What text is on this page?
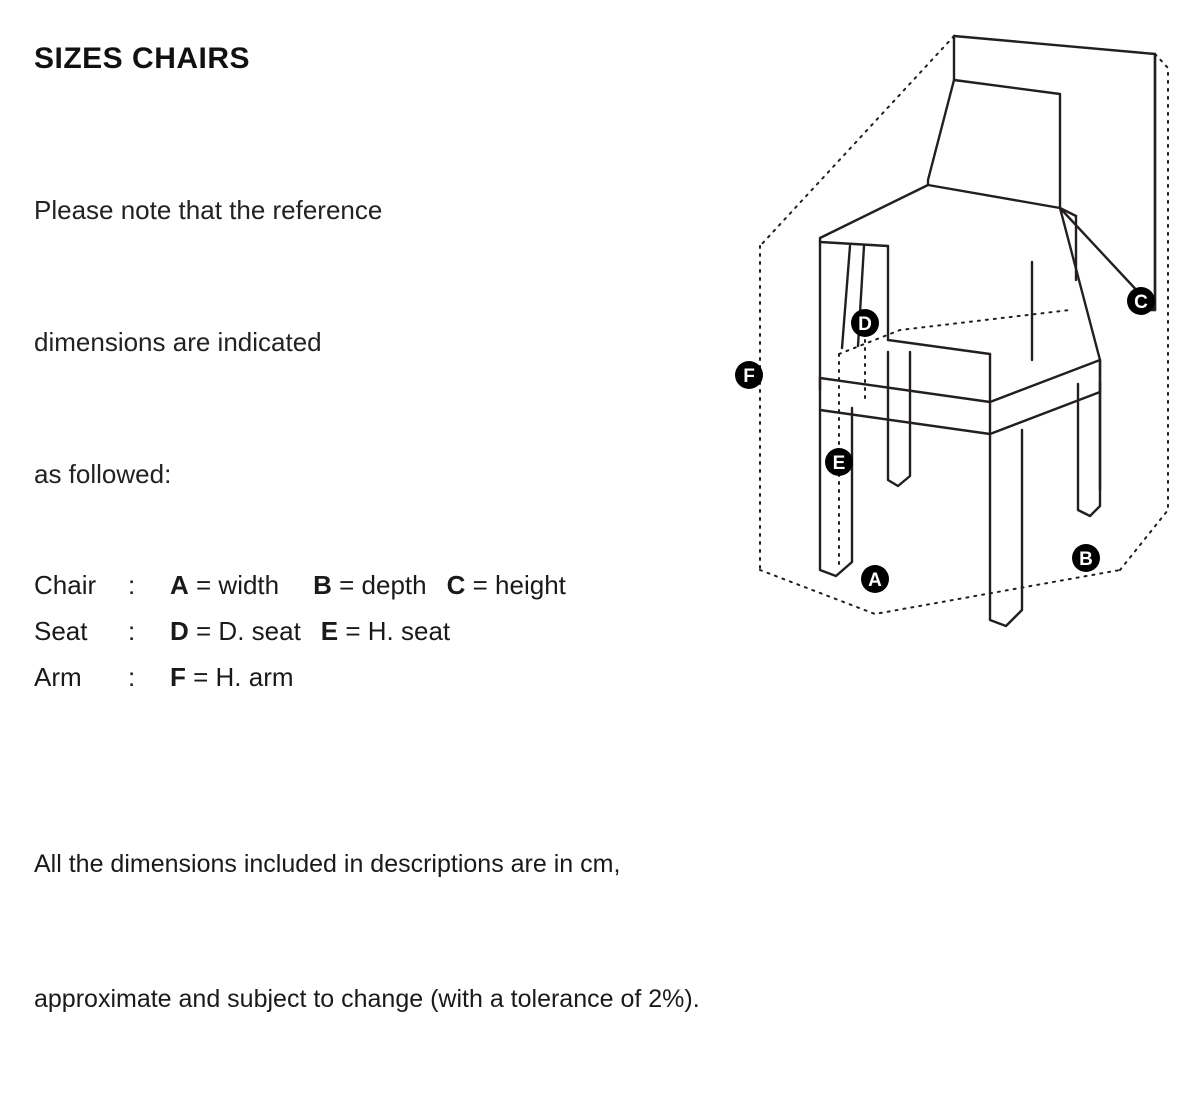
SIZES CHAIRS

Please note that the reference

dimensions are indicated

as followed:

Chair	:	A = width B = depth C = height
Seat	:	D = D. seat E = H. seat
Arm	:	F = H. arm

All the dimensions included in descriptions are in cm,

approximate and subject to change (with a tolerance of 2%).

A
B
C
D
E
F
